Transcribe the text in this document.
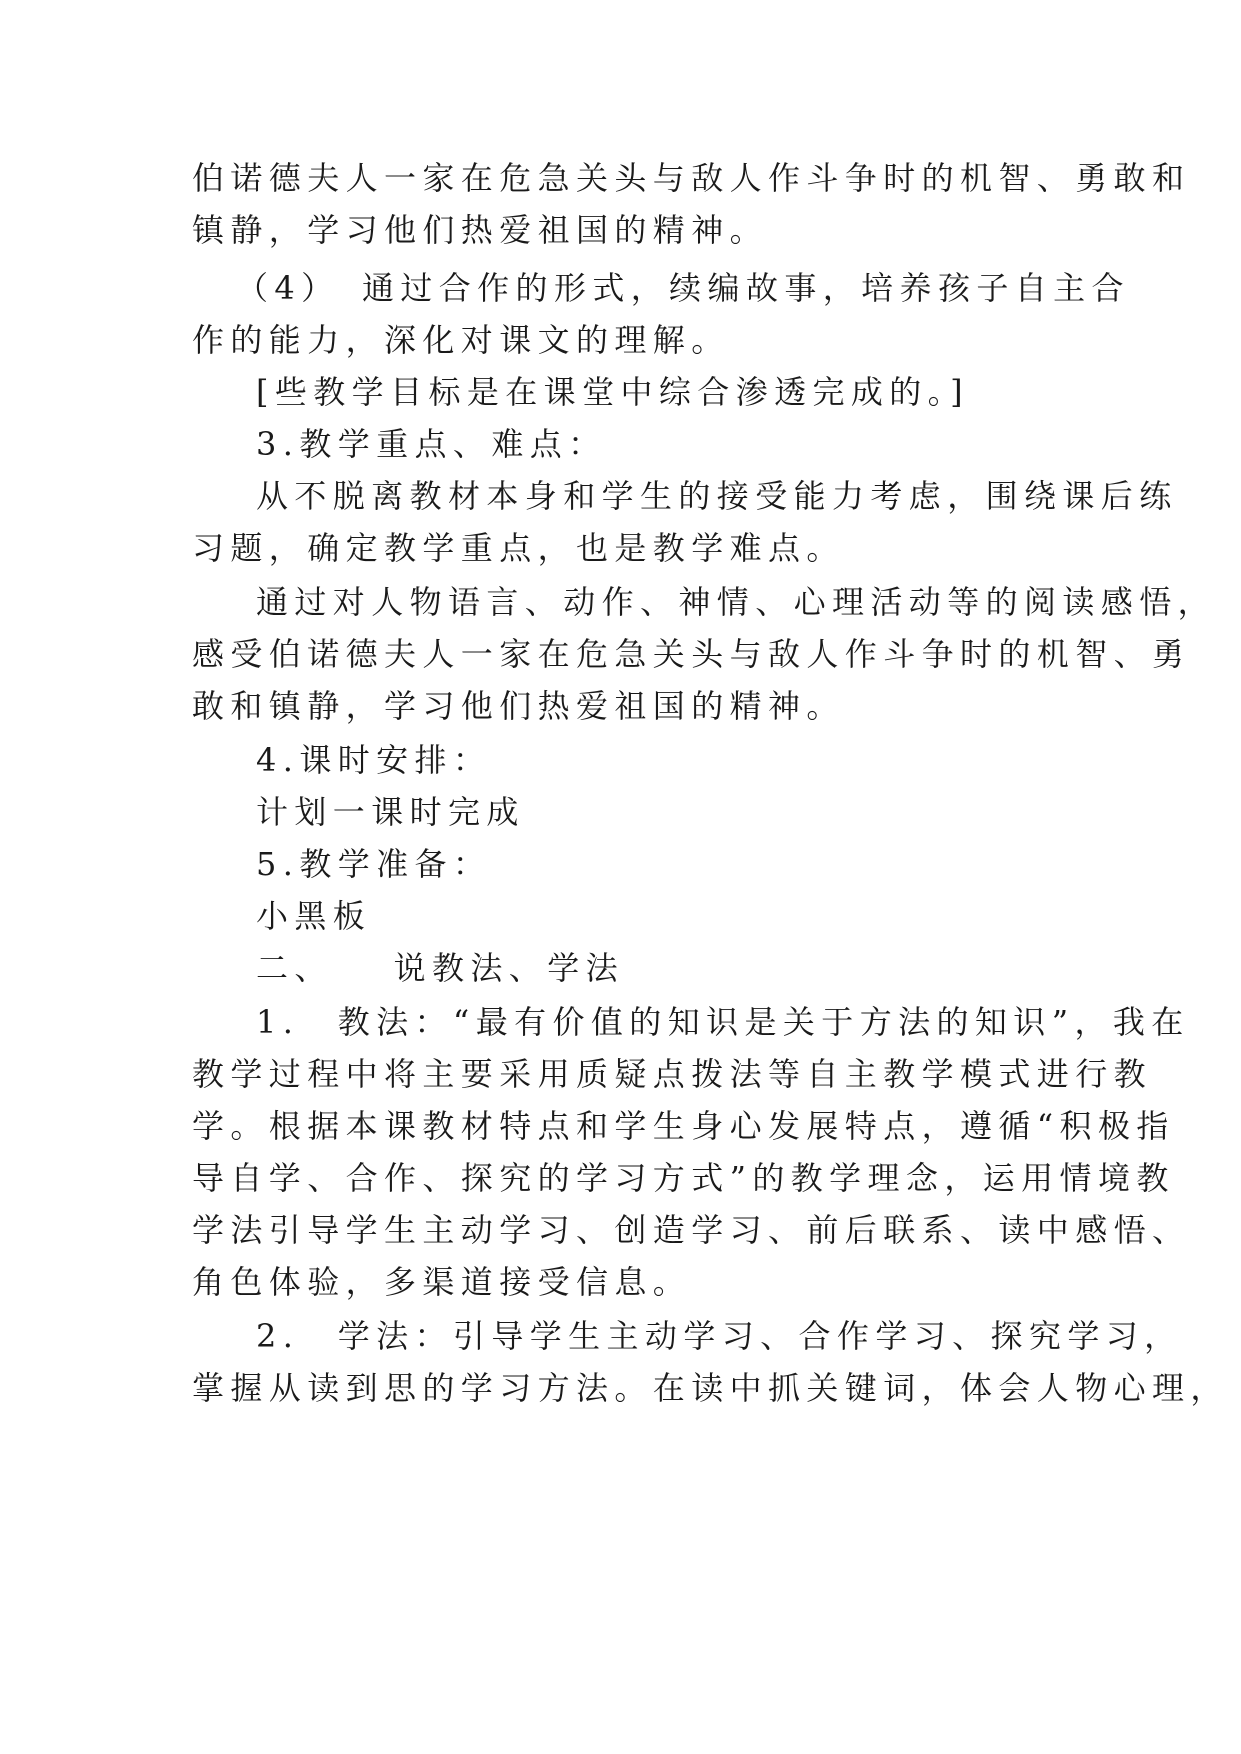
伯诺德夫人一家在危急关头与敌人作斗争时的机智、勇敢和
镇静，学习他们热爱祖国的精神。
（4）　通过合作的形式，续编故事，培养孩子自主合
作的能力，深化对课文的理解。
[些教学目标是在课堂中综合渗透完成的。]
3.教学重点、难点：
从不脱离教材本身和学生的接受能力考虑，围绕课后练
习题，确定教学重点，也是教学难点。
通过对人物语言、动作、神情、心理活动等的阅读感悟，
感受伯诺德夫人一家在危急关头与敌人作斗争时的机智、勇
敢和镇静，学习他们热爱祖国的精神。
4.课时安排：
计划一课时完成
5.教学准备：
小黑板
二、　　说教法、学法
1.　教法：“最有价值的知识是关于方法的知识”，我在
教学过程中将主要采用质疑点拨法等自主教学模式进行教
学。根据本课教材特点和学生身心发展特点，遵循“积极指
导自学、合作、探究的学习方式”的教学理念，运用情境教
学法引导学生主动学习、创造学习、前后联系、读中感悟、
角色体验，多渠道接受信息。
2.　学法：引导学生主动学习、合作学习、探究学习，
掌握从读到思的学习方法。在读中抓关键词，体会人物心理，
